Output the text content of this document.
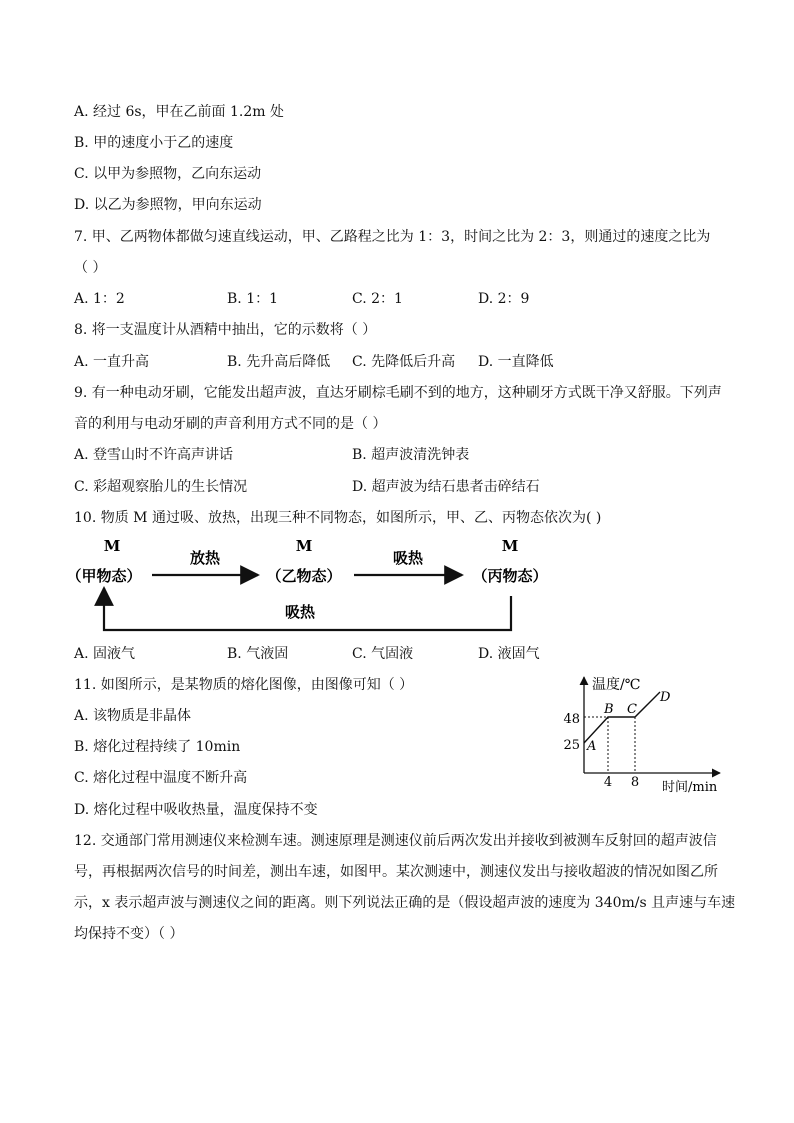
A. 经过 6s，甲在乙前面 1.2m 处
B. 甲的速度小于乙的速度
C. 以甲为参照物，乙向东运动
D. 以乙为参照物，甲向东运动
7. 甲、乙两物体都做匀速直线运动，甲、乙路程之比为 1：3，时间之比为 2：3，则通过的速度之比为
（ ）
A. 1：2	B. 1：1	C. 2：1	D. 2：9
8. 将一支温度计从酒精中抽出，它的示数将（ ）
A. 一直升高	B. 先升高后降低 C. 先降低后升高 D. 一直降低
9. 有一种电动牙刷，它能发出超声波，直达牙刷棕毛刷不到的地方，这种刷牙方式既干净又舒服。下列声
音的利用与电动牙刷的声音利用方式不同的是（ ）
A. 登雪山时不许高声讲话	B. 超声波清洗钟表
C. 彩超观察胎儿的生长情况	D. 超声波为结石患者击碎结石
10. 物质 M 通过吸、放热，出现三种不同物态，如图所示，甲、乙、丙物态依次为( )
M	M	M
（甲物态）	（乙物态）	（丙物态）
放热	吸热
吸热
A. 固液气	B. 气液固	C. 气固液	D. 液固气
11. 如图所示，是某物质的熔化图像，由图像可知（ ）
A. 该物质是非晶体
B. 熔化过程持续了 10min
C. 熔化过程中温度不断升高
D. 熔化过程中吸收热量，温度保持不变
温度/℃
时间/min
48
25
4 8
A
B C
D
12. 交通部门常用测速仪来检测车速。测速原理是测速仪前后两次发出并接收到被测车反射回的超声波信
号，再根据两次信号的时间差，测出车速，如图甲。某次测速中，测速仪发出与接收超波的情况如图乙所
示，x 表示超声波与测速仪之间的距离。则下列说法正确的是（假设超声波的速度为 340m/s 且声速与车速
均保持不变）（ ）
